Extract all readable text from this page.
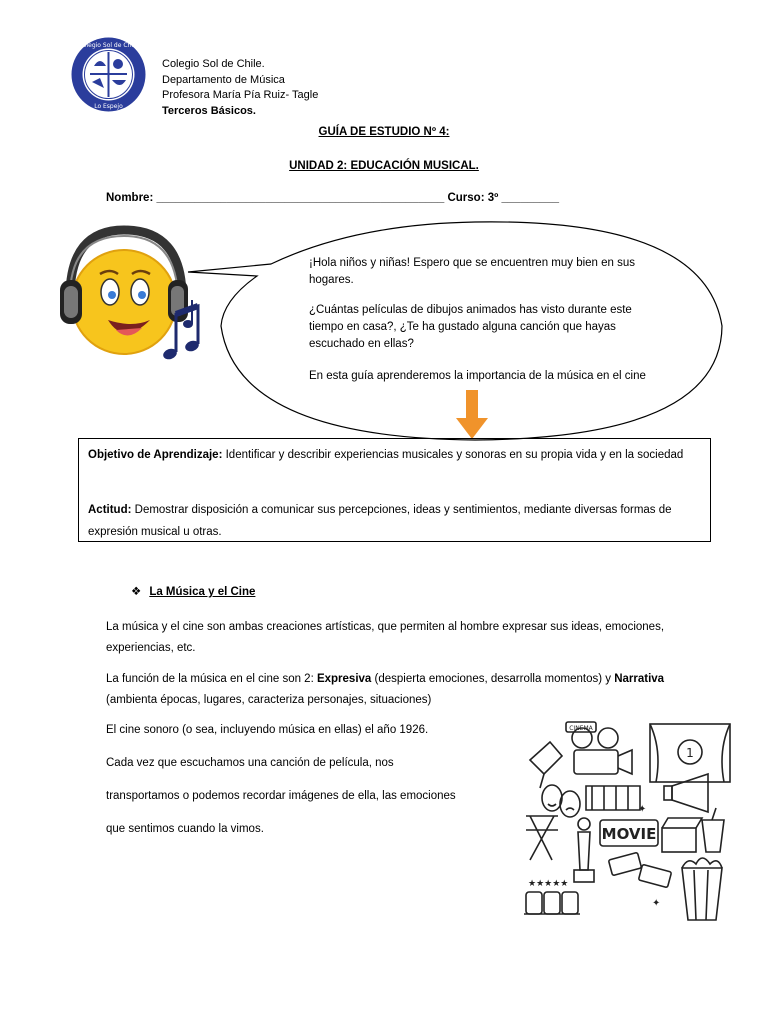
Colegio Sol de Chile
Lo Espejo
Colegio Sol de Chile.
Departamento de Música
Profesora María Pía Ruiz- Tagle
Terceros Básicos.
GUÍA DE ESTUDIO Nº 4:
UNIDAD 2: EDUCACIÓN MUSICAL.
Nombre: _____________________________________________ Curso: 3º _________
¡Hola niños y niñas! Espero que se encuentren muy bien en sus hogares.
¿Cuántas películas de dibujos animados has visto durante este tiempo en casa?, ¿Te ha gustado alguna canción que hayas escuchado en ellas?
En esta guía aprenderemos la importancia de la música en el cine
Objetivo de Aprendizaje: Identificar y describir experiencias musicales y sonoras en su propia vida y en la sociedad
Actitud: Demostrar disposición a comunicar sus percepciones, ideas y sentimientos, mediante diversas formas de expresión musical u otras.
❖ La Música y el Cine
La música y el cine son ambas creaciones artísticas, que permiten al hombre expresar sus ideas, emociones, experiencias, etc.
La función de la música en el cine son 2: Expresiva (despierta emociones, desarrolla momentos) y Narrativa (ambienta épocas, lugares, caracteriza personajes, situaciones)
El cine sonoro (o sea, incluyendo música en ellas) el año 1926.
Cada vez que escuchamos una canción de película, nos
transportamos o podemos recordar imágenes de ella, las emociones
que sentimos cuando la vimos.
1
CINEMA
MOVIE
★★★★★
✦
✦
